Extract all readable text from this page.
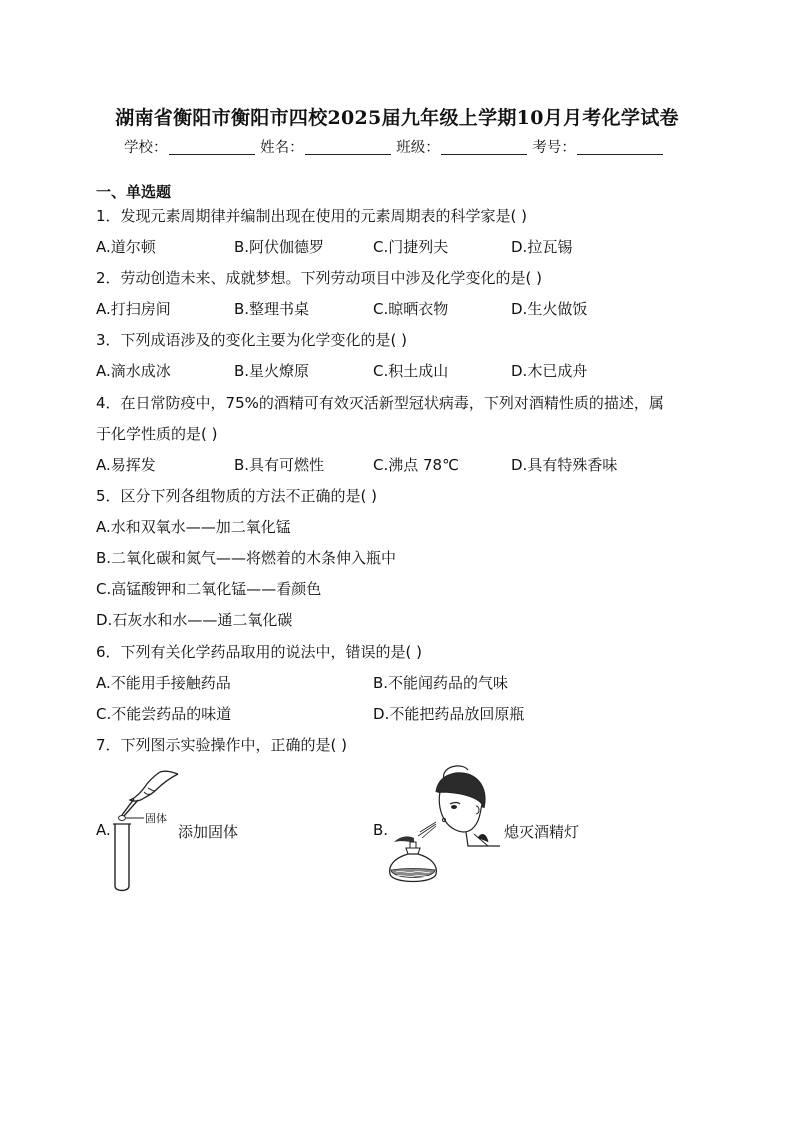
湖南省衡阳市衡阳市四校2025届九年级上学期10月月考化学试卷
学校：	姓名：	班级：	考号：
一、单选题
1．发现元素周期律并编制出现在使用的元素周期表的科学家是( )
A.道尔顿	B.阿伏伽德罗	C.门捷列夫	D.拉瓦锡
2．劳动创造未来、成就梦想。下列劳动项目中涉及化学变化的是( )
A.打扫房间	B.整理书桌	C.晾晒衣物	D.生火做饭
3．下列成语涉及的变化主要为化学变化的是( )
A.滴水成冰	B.星火燎原	C.积土成山	D.木已成舟
4．在日常防疫中，75%的酒精可有效灭活新型冠状病毒，下列对酒精性质的描述，属
于化学性质的是( )
A.易挥发	B.具有可燃性	C.沸点 78℃	D.具有特殊香味
5．区分下列各组物质的方法不正确的是( )
A.水和双氧水——加二氧化锰
B.二氧化碳和氮气——将燃着的木条伸入瓶中
C.高锰酸钾和二氧化锰——看颜色
D.石灰水和水——通二氧化碳
6．下列有关化学药品取用的说法中，错误的是( )
A.不能用手接触药品	B.不能闻药品的气味
C.不能尝药品的味道	D.不能把药品放回原瓶
7．下列图示实验操作中，正确的是( )
A.
固体
添加固体	B.	熄灭酒精灯
